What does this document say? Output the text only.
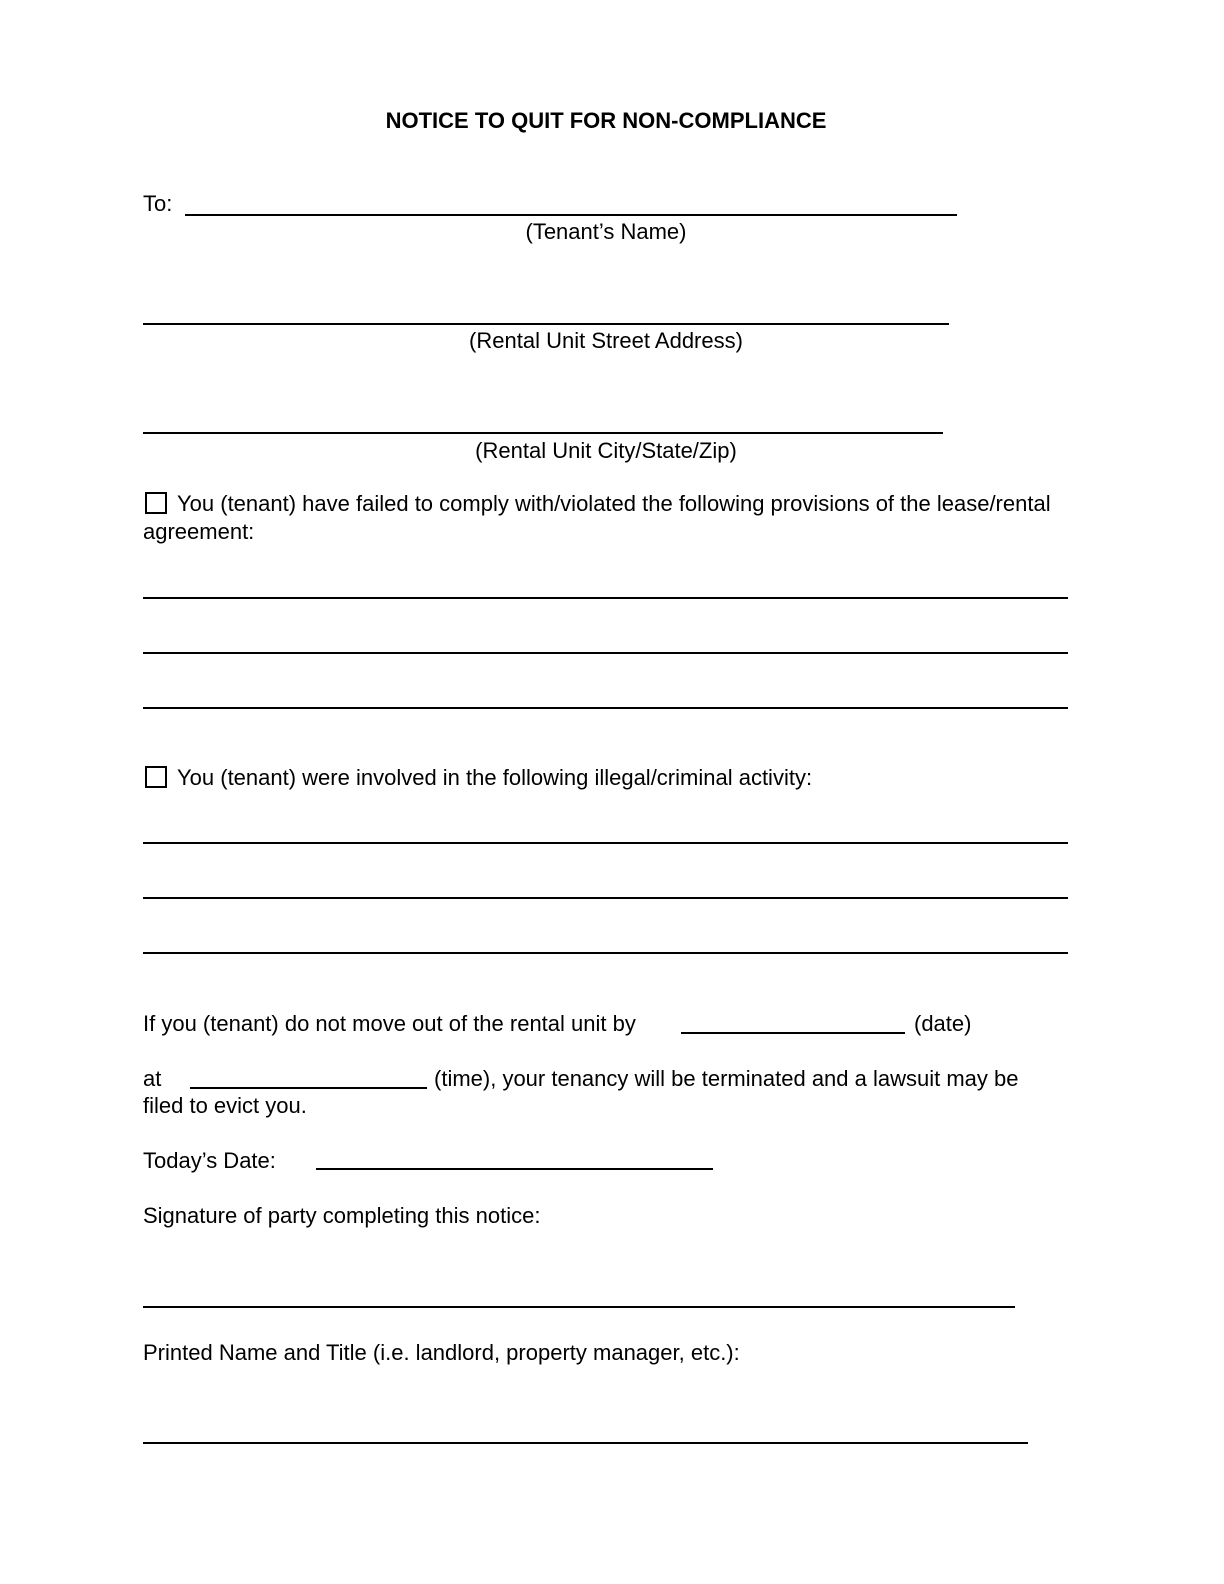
NOTICE TO QUIT FOR NON-COMPLIANCE
To:
(Tenant’s Name)
(Rental Unit Street Address)
(Rental Unit City/State/Zip)
You (tenant) have failed to comply with/violated the following provisions of the lease/rental agreement:
You (tenant) were involved in the following illegal/criminal activity:
If you (tenant) do not move out of the rental unit by	(date)
at	(time), your tenancy will be terminated and a lawsuit may be
filed to evict you.
Today’s Date:
Signature of party completing this notice:
Printed Name and Title (i.e. landlord, property manager, etc.):
